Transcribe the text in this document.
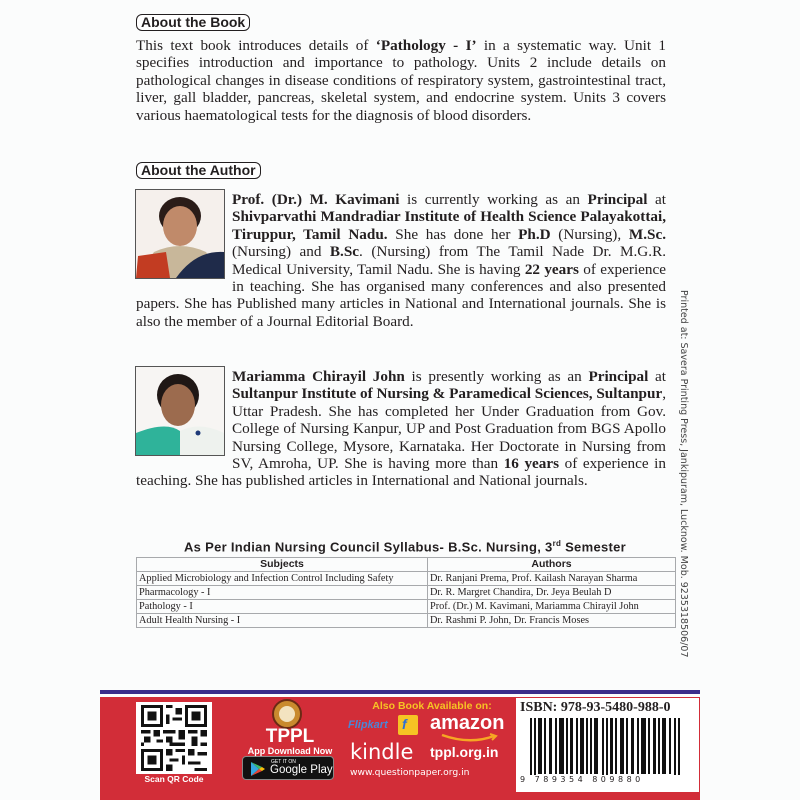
About the Book
This text book introduces details of ‘Pathology - I’ in a systematic way. Unit 1 specifies introduction and importance to pathology. Units 2 include details on pathological changes in disease conditions of respiratory system, gastrointestinal tract, liver, gall bladder, pancreas, skeletal system, and endocrine system. Units 3 covers various haematological tests for the diagnosis of blood disorders.
About the Author
Prof. (Dr.) M. Kavimani is currently working as an Principal at Shivparvathi Mandradiar Institute of Health Science Palayakottai, Tiruppur, Tamil Nadu. She has done her Ph.D (Nursing), M.Sc. (Nursing) and B.Sc. (Nursing) from The Tamil Nade Dr. M.G.R. Medical University, Tamil Nadu. She is having 22 years of experience in teaching. She has organised many conferences and also presented papers. She has Published many articles in National and International journals. She is also the member of a Journal Editorial Board.
Mariamma Chirayil John is presently working as an Principal at Sultanpur Institute of Nursing & Paramedical Sciences, Sultanpur, Uttar Pradesh. She has completed her Under Graduation from Gov. College of Nursing Kanpur, UP and Post Graduation from BGS Apollo Nursing College, Mysore, Karnataka. Her Doctorate in Nursing from SV, Amroha, UP. She is having more than 16 years of experience in teaching. She has published articles in International and National journals.	Printed at: Savera Printing Press, Jankipuram, Lucknow. Mob. 9235318506/07
As Per Indian Nursing Council Syllabus- B.Sc. Nursing, 3rd Semester
Subjects	Authors
Applied Microbiology and Infection Control Including Safety	Dr. Ranjani Prema, Prof. Kailash Narayan Sharma
Pharmacology - I	Dr. R. Margret Chandira, Dr. Jeya Beulah D
Pathology - I	Prof. (Dr.) M. Kavimani, Mariamma Chirayil John
Adult Health Nursing - I	Dr. Rashmi P. John, Dr. Francis Moses
Scan QR Code
TPPL
App Download Now
GET IT ON
Google Play
Also Book Available on:
Flipkart f amazon
kindle tppl.org.in
www.questionpaper.org.in
ISBN: 978-93-5480-988-0
9 789354 809880
